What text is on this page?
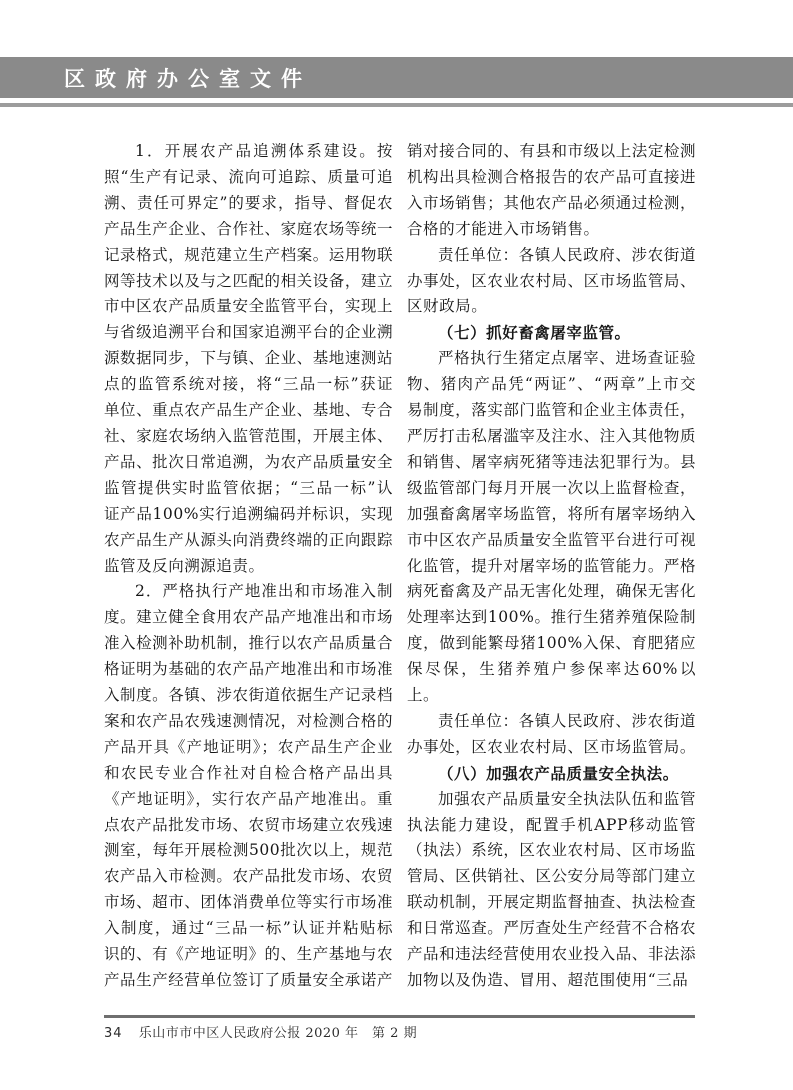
区政府办公室文件

1．开展农产品追溯体系建设。按照“生产有记录、流向可追踪、质量可追溯、责任可界定”的要求，指导、督促农产品生产企业、合作社、家庭农场等统一记录格式，规范建立生产档案。运用物联网等技术以及与之匹配的相关设备，建立市中区农产品质量安全监管平台，实现上与省级追溯平台和国家追溯平台的企业溯源数据同步，下与镇、企业、基地速测站点的监管系统对接，将“三品一标”获证单位、重点农产品生产企业、基地、专合社、家庭农场纳入监管范围，开展主体、产品、批次日常追溯，为农产品质量安全监管提供实时监管依据；“三品一标”认证产品100%实行追溯编码并标识，实现农产品生产从源头向消费终端的正向跟踪监管及反向溯源追责。

2．严格执行产地准出和市场准入制度。建立健全食用农产品产地准出和市场准入检测补助机制，推行以农产品质量合格证明为基础的农产品产地准出和市场准入制度。各镇、涉农街道依据生产记录档案和农产品农残速测情况，对检测合格的产品开具《产地证明》；农产品生产企业和农民专业合作社对自检合格产品出具《产地证明》，实行农产品产地准出。重点农产品批发市场、农贸市场建立农残速测室，每年开展检测500批次以上，规范农产品入市检测。农产品批发市场、农贸市场、超市、团体消费单位等实行市场准入制度，通过“三品一标”认证并粘贴标识的、有《产地证明》的、生产基地与农产品生产经营单位签订了质量安全承诺产

销对接合同的、有县和市级以上法定检测机构出具检测合格报告的农产品可直接进入市场销售；其他农产品必须通过检测，合格的才能进入市场销售。

责任单位：各镇人民政府、涉农街道办事处，区农业农村局、区市场监管局、区财政局。

（七）抓好畜禽屠宰监管。

严格执行生猪定点屠宰、进场查证验物、猪肉产品凭“两证”、“两章”上市交易制度，落实部门监管和企业主体责任，严厉打击私屠滥宰及注水、注入其他物质和销售、屠宰病死猪等违法犯罪行为。县级监管部门每月开展一次以上监督检查，加强畜禽屠宰场监管，将所有屠宰场纳入市中区农产品质量安全监管平台进行可视化监管，提升对屠宰场的监管能力。严格病死畜禽及产品无害化处理，确保无害化处理率达到100%。推行生猪养殖保险制度，做到能繁母猪100%入保、育肥猪应保尽保，生猪养殖户参保率达60%以上。

责任单位：各镇人民政府、涉农街道办事处，区农业农村局、区市场监管局。

（八）加强农产品质量安全执法。

加强农产品质量安全执法队伍和监管执法能力建设，配置手机APP移动监管（执法）系统，区农业农村局、区市场监管局、区供销社、区公安分局等部门建立联动机制，开展定期监督抽查、执法检查和日常巡查。严厉查处生产经营不合格农产品和违法经营使用农业投入品、非法添加物以及伪造、冒用、超范围使用“三品

34 乐山市市中区人民政府公报 2020 年　第 2 期
